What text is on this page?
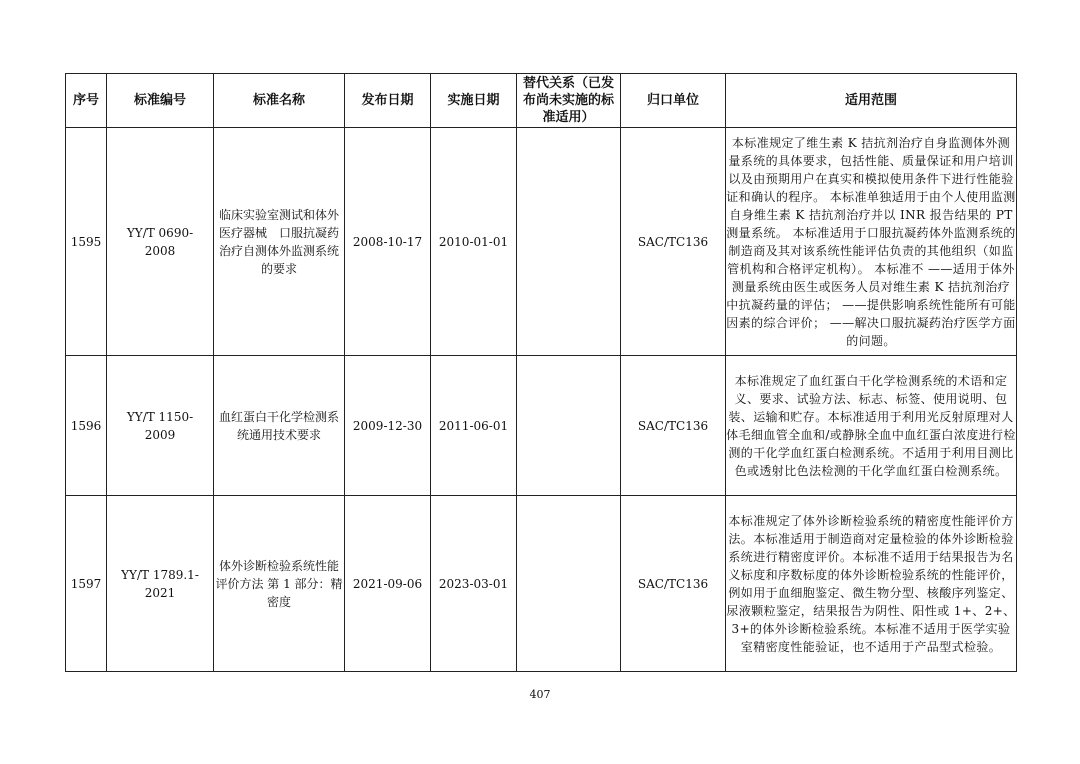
序号	标准编号	标准名称	发布日期	实施日期	替代关系（已发布尚未实施的标准适用）	归口单位	适用范围
1595	YY/T 0690-2008	临床实验室测试和体外医疗器械　口服抗凝药治疗自测体外监测系统的要求	2008-10-17	2010-01-01		SAC/TC136	本标准规定了维生素 K 拮抗剂治疗自身监测体外测量系统的具体要求，包括性能、质量保证和用户培训以及由预期用户在真实和模拟使用条件下进行性能验证和确认的程序。 本标准单独适用于由个人使用监测自身维生素 K 拮抗剂治疗并以 INR 报告结果的 PT 测量系统。 本标准适用于口服抗凝药体外监测系统的制造商及其对该系统性能评估负责的其他组织（如监管机构和合格评定机构）。 本标准不 ——适用于体外测量系统由医生或医务人员对维生素 K 拮抗剂治疗中抗凝药量的评估； ——提供影响系统性能所有可能因素的综合评价； ——解决口服抗凝药治疗医学方面的问题。
1596	YY/T 1150-2009	血红蛋白干化学检测系统通用技术要求	2009-12-30	2011-06-01		SAC/TC136	本标准规定了血红蛋白干化学检测系统的术语和定义、要求、试验方法、标志、标签、使用说明、包装、运输和贮存。本标准适用于利用光反射原理对人体毛细血管全血和/或静脉全血中血红蛋白浓度进行检测的干化学血红蛋白检测系统。不适用于利用目测比色或透射比色法检测的干化学血红蛋白检测系统。
1597	YY/T 1789.1-2021	体外诊断检验系统性能评价方法 第 1 部分：精密度	2021-09-06	2023-03-01		SAC/TC136	本标准规定了体外诊断检验系统的精密度性能评价方法。本标准适用于制造商对定量检验的体外诊断检验系统进行精密度评价。本标准不适用于结果报告为名义标度和序数标度的体外诊断检验系统的性能评价，例如用于血细胞鉴定、微生物分型、核酸序列鉴定、尿液颗粒鉴定，结果报告为阴性、阳性或 1+、2+、3+的体外诊断检验系统。本标准不适用于医学实验室精密度性能验证，也不适用于产品型式检验。
407
